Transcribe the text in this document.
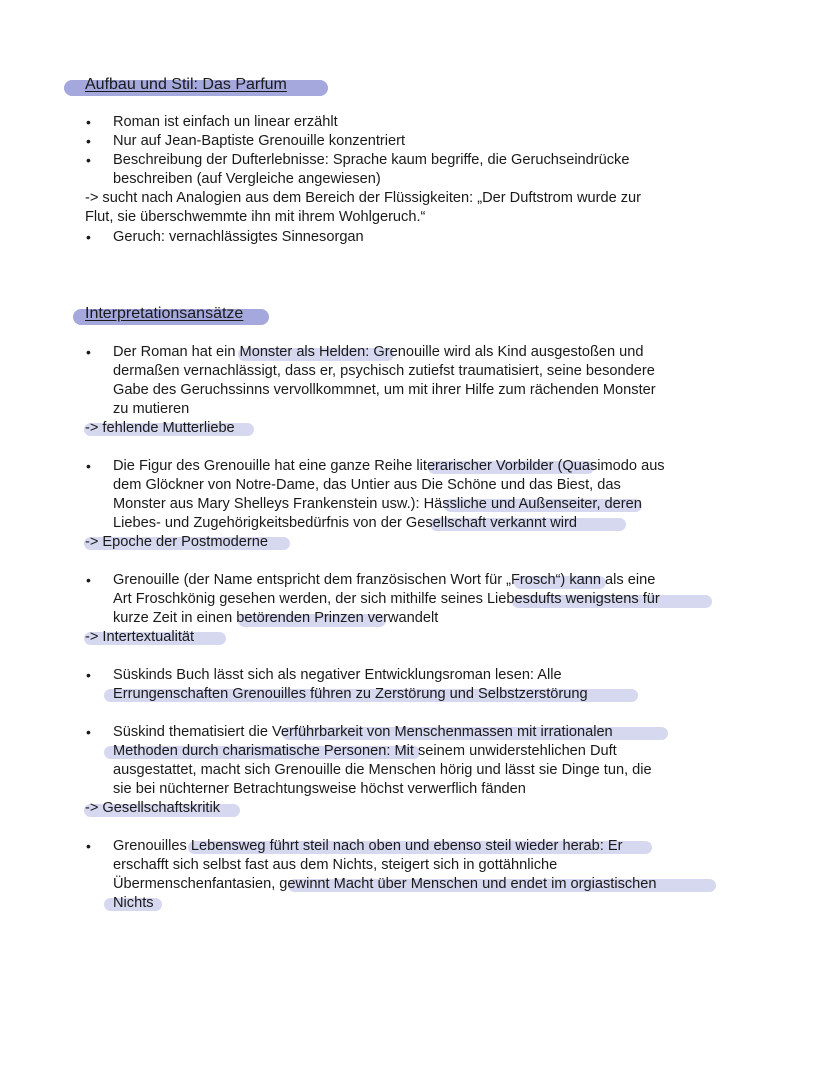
Aufbau und Stil: Das Parfum
• Roman ist einfach un linear erzählt
• Nur auf Jean-Baptiste Grenouille konzentriert
• Beschreibung der Dufterlebnisse: Sprache kaum begriffe, die Geruchseindrücke
beschreiben (auf Vergleiche angewiesen)
-> sucht nach Analogien aus dem Bereich der Flüssigkeiten: „Der Duftstrom wurde zur
Flut, sie überschwemmte ihn mit ihrem Wohlgeruch.“
• Geruch: vernachlässigtes Sinnesorgan
Interpretationsansätze
• Der Roman hat ein Monster als Helden: Grenouille wird als Kind ausgestoßen und
dermaßen vernachlässigt, dass er, psychisch zutiefst traumatisiert, seine besondere
Gabe des Geruchssinns vervollkommnet, um mit ihrer Hilfe zum rächenden Monster
zu mutieren
-> fehlende Mutterliebe
• Die Figur des Grenouille hat eine ganze Reihe literarischer Vorbilder (Quasimodo aus
dem Glöckner von Notre-Dame, das Untier aus Die Schöne und das Biest, das
Monster aus Mary Shelleys Frankenstein usw.): Hässliche und Außenseiter, deren
Liebes- und Zugehörigkeitsbedürfnis von der Gesellschaft verkannt wird
-> Epoche der Postmoderne
• Grenouille (der Name entspricht dem französischen Wort für „Frosch“) kann als eine
Art Froschkönig gesehen werden, der sich mithilfe seines Liebesdufts wenigstens für
kurze Zeit in einen betörenden Prinzen verwandelt
-> Intertextualität
• Süskinds Buch lässt sich als negativer Entwicklungsroman lesen: Alle
Errungenschaften Grenouilles führen zu Zerstörung und Selbstzerstörung
• Süskind thematisiert die Verführbarkeit von Menschenmassen mit irrationalen
Methoden durch charismatische Personen: Mit seinem unwiderstehlichen Duft
ausgestattet, macht sich Grenouille die Menschen hörig und lässt sie Dinge tun, die
sie bei nüchterner Betrachtungsweise höchst verwerflich fänden
-> Gesellschaftskritik
• Grenouilles Lebensweg führt steil nach oben und ebenso steil wieder herab: Er
erschafft sich selbst fast aus dem Nichts, steigert sich in gottähnliche
Übermenschenfantasien, gewinnt Macht über Menschen und endet im orgiastischen
Nichts
